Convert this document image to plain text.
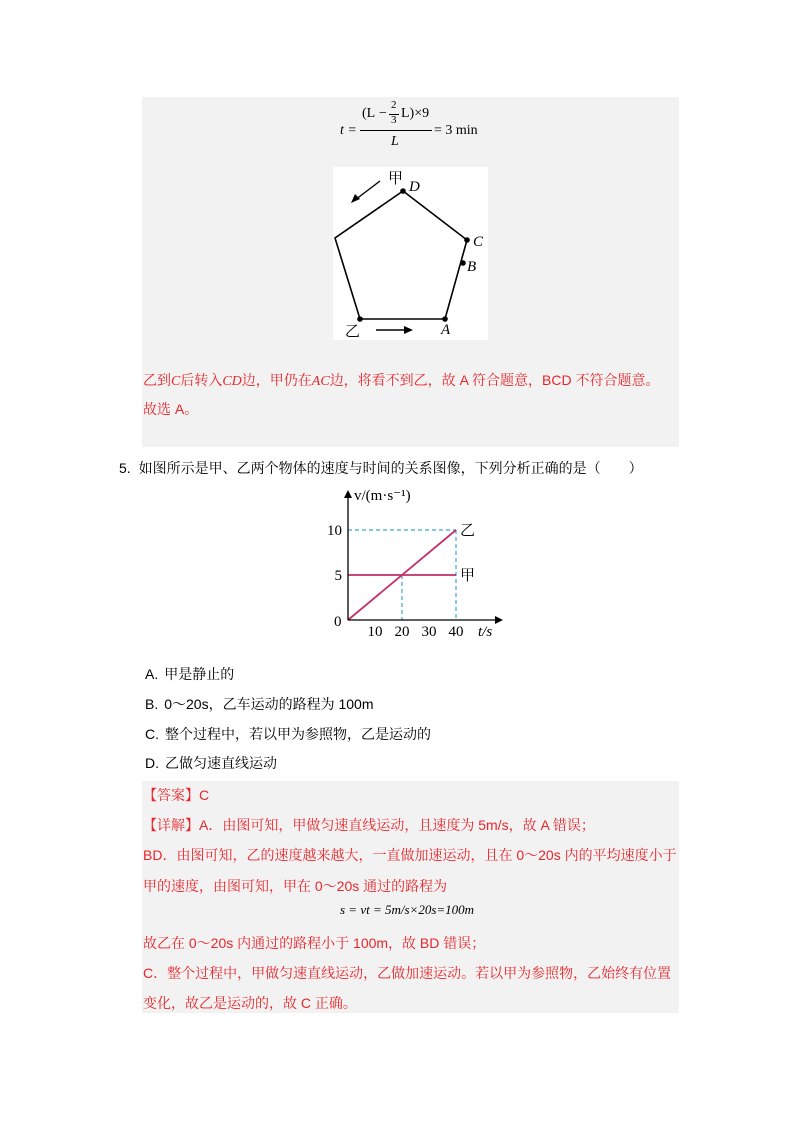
t =
(L −
2
3 L)×9
L
= 3 min
甲 D
C
B
A
乙
乙到C后转入CD边，甲仍在AC边，将看不到乙，故 A 符合题意，BCD 不符合题意。
故选 A。
5. 如图所示是甲、乙两个物体的速度与时间的关系图像，下列分析正确的是（　　）
乙
甲
10 20 30 40
5
10
v/(m·s⁻¹)
t/s
0
A. 甲是静止的
B. 0～20s，乙车运动的路程为 100m
C. 整个过程中，若以甲为参照物，乙是运动的
D. 乙做匀速直线运动
【答案】C
【详解】A．由图可知，甲做匀速直线运动，且速度为 5m/s，故 A 错误；
BD．由图可知，乙的速度越来越大，一直做加速运动，且在 0～20s 内的平均速度小于
甲的速度，由图可知，甲在 0～20s 通过的路程为
s = vt = 5m/s×20s=100m
故乙在 0～20s 内通过的路程小于 100m，故 BD 错误；
C．整个过程中，甲做匀速直线运动，乙做加速运动。若以甲为参照物，乙始终有位置
变化，故乙是运动的，故 C 正确。
